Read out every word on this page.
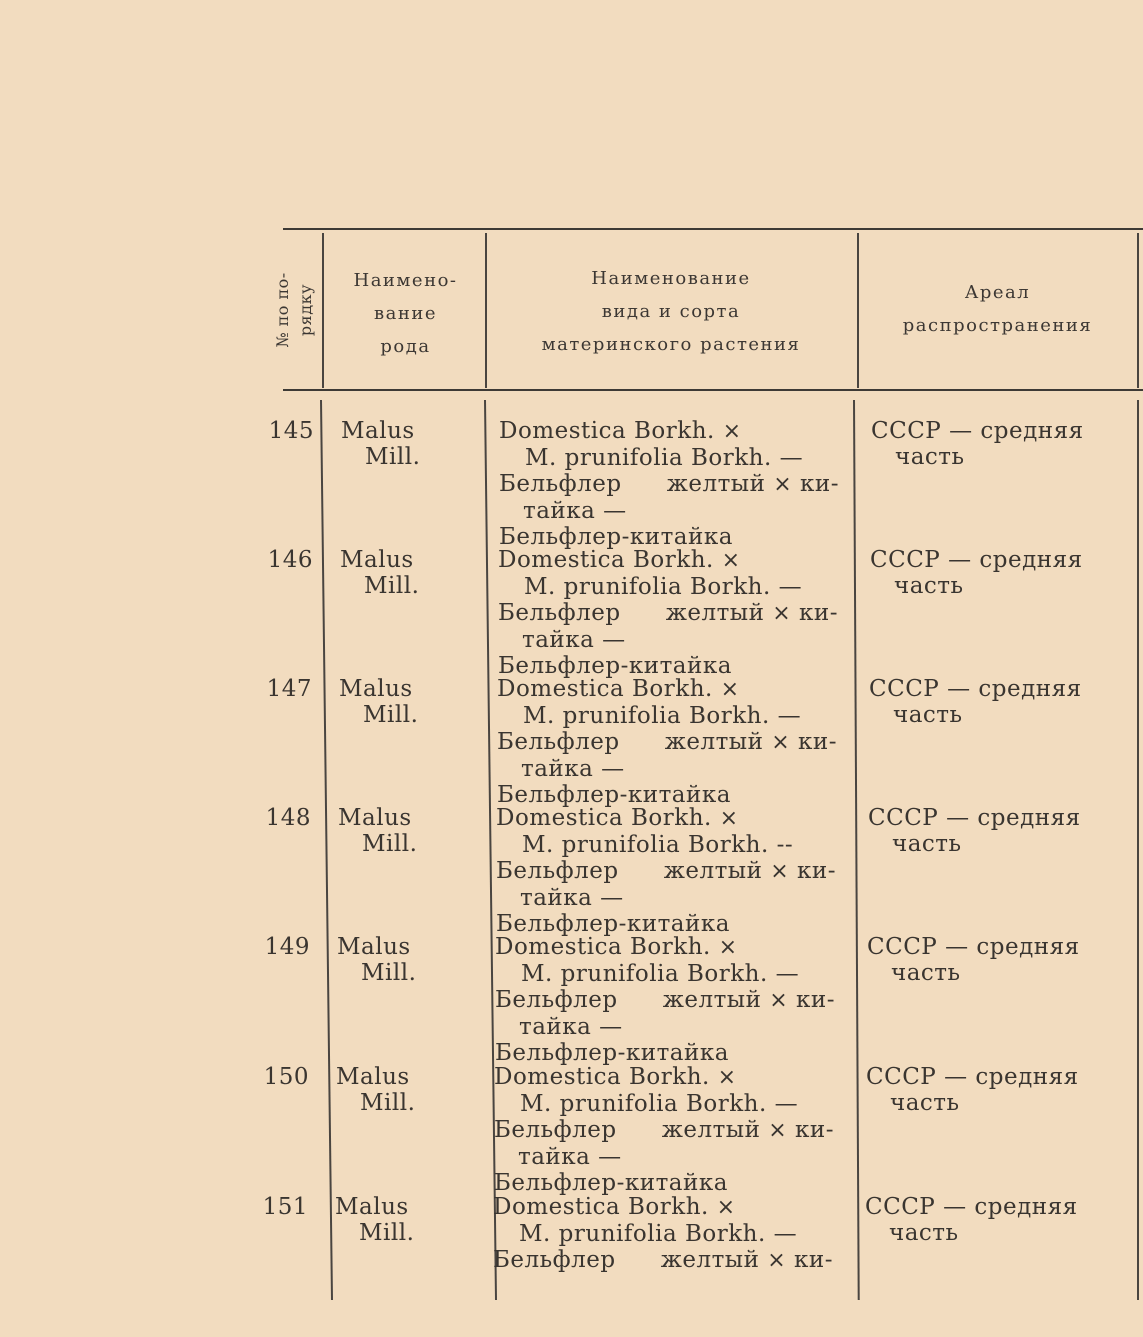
№ по по- рядку
Наимено-
вание
рода
Наименование
вида и сорта
материнского растения
Ареал
распространения
145 Malus
Mill.
Domestica Borkh. ×
M. prunifolia Borkh. —
Бельфлер желтый × ки-
тайка —
Бельфлер-китайка
СССР — средняя
часть
146 Malus
Mill.
Domestica Borkh. ×
M. prunifolia Borkh. —
Бельфлер желтый × ки-
тайка —
Бельфлер-китайка
СССР — средняя
часть
147 Malus
Mill.
Domestica Borkh. ×
M. prunifolia Borkh. —
Бельфлер желтый × ки-
тайка —
Бельфлер-китайка
СССР — средняя
часть
148 Malus
Mill.
Domestica Borkh. ×
M. prunifolia Borkh. --
Бельфлер желтый × ки-
тайка —
Бельфлер-китайка
СССР — средняя
часть
149 Malus
Mill.
Domestica Borkh. ×
M. prunifolia Borkh. —
Бельфлер желтый × ки-
тайка —
Бельфлер-китайка
СССР — средняя
часть
150 Malus
Mill.
Domestica Borkh. ×
M. prunifolia Borkh. —
Бельфлер желтый × ки-
тайка —
Бельфлер-китайка
СССР — средняя
часть
151 Malus
Mill.
Domestica Borkh. ×
M. prunifolia Borkh. —
Бельфлер желтый × ки-
СССР — средняя
часть
